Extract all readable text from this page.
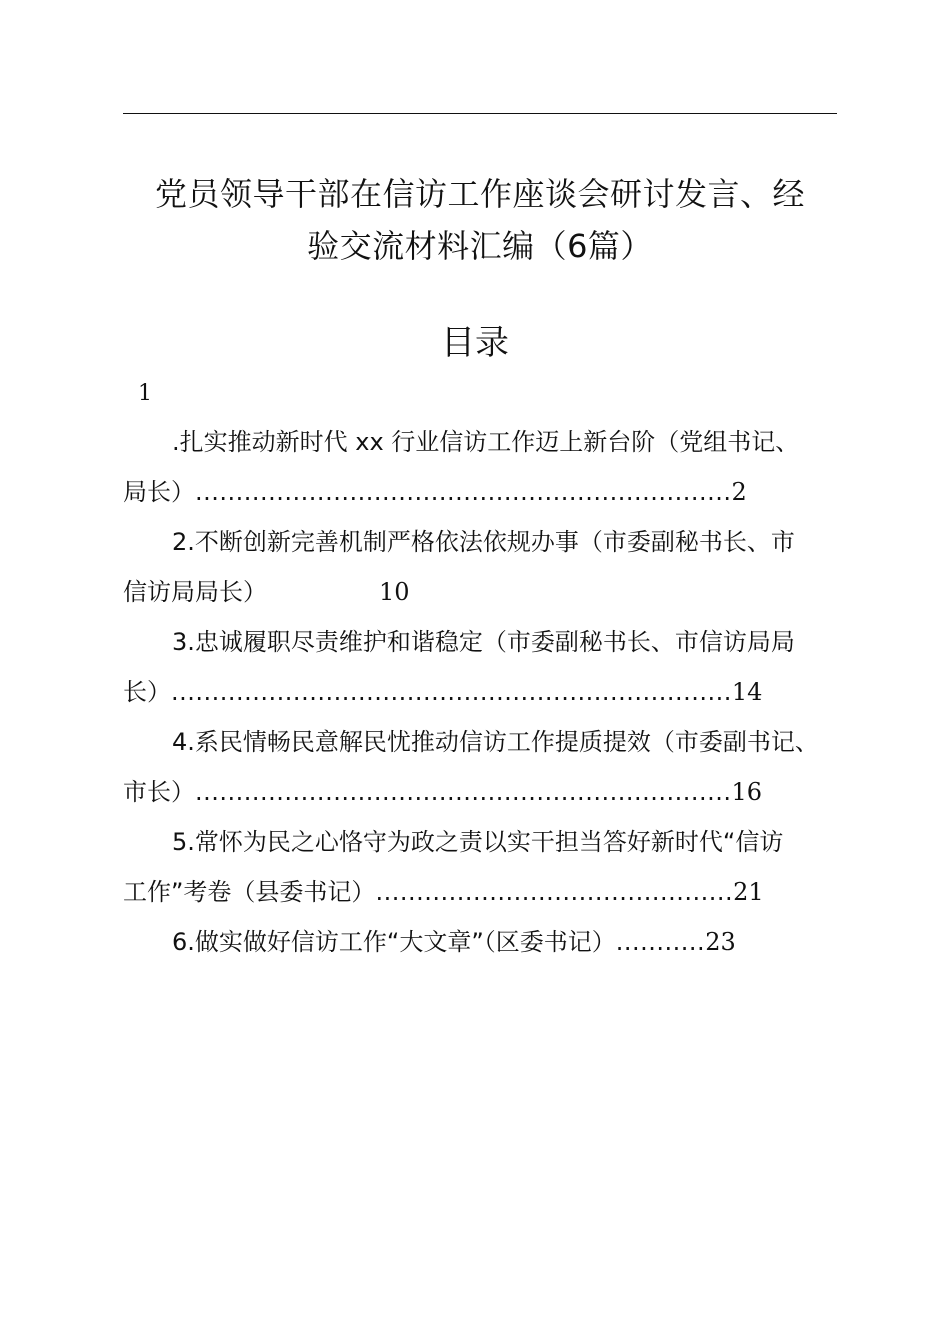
党员领导干部在信访工作座谈会研讨发言、经
验交流材料汇编（6篇）
目录
1
.扎实推动新时代 xx 行业信访工作迈上新台阶（党组书记、
局长）..................................................................2
2.不断创新完善机制严格依法依规办事（市委副秘书长、市
信访局局长）	10
3.忠诚履职尽责维护和谐稳定（市委副秘书长、市信访局局
长）.....................................................................14
4.系民情畅民意解民忧推动信访工作提质提效（市委副书记、
市长）..................................................................16
5.常怀为民之心恪守为政之责以实干担当答好新时代“信访
工作”考卷（县委书记）............................................21
6.做实做好信访工作“大文章”（区委书记）...........23
